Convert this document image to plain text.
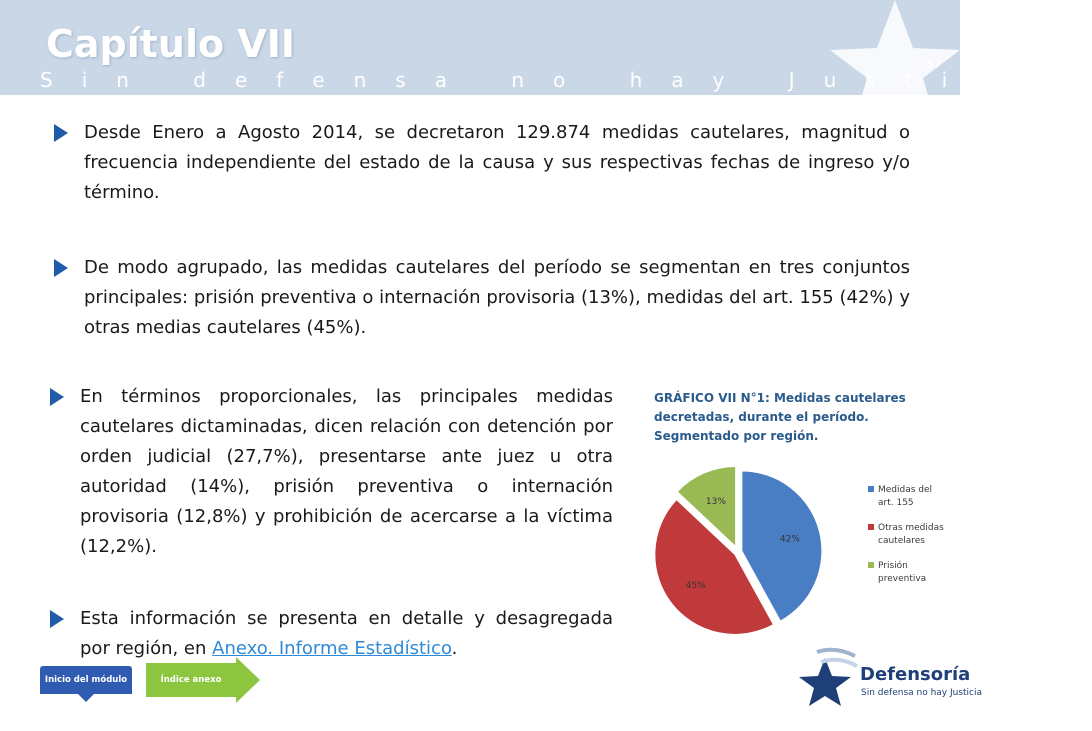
Capítulo VII
Sin defensa no hay Justicia
57

Desde Enero a Agosto 2014, se decretaron 129.874 medidas cautelares, magnitud o frecuencia independiente del estado de la causa y sus respectivas fechas de ingreso y/o término.

De modo agrupado, las medidas cautelares del período se segmentan en tres conjuntos principales: prisión preventiva o internación provisoria (13%), medidas del art. 155 (42%) y otras medias cautelares (45%).

En términos proporcionales, las principales medidas cautelares dictaminadas, dicen relación con detención por orden judicial (27,7%), presentarse ante juez u otra autoridad (14%), prisión preventiva o internación provisoria (12,8%) y prohibición de acercarse a la víctima (12,2%).

Esta información se presenta en detalle y desagregada por región, en Anexo. Informe Estadístico.

GRÁFICO VII N°1: Medidas cautelares decretadas, durante el período. Segmentado por región.
42%
45%
13%
Medidas del
art. 155
Otras medidas
cautelares
Prisión
preventiva
Inicio del módulo	Índice anexo tablas
Defensoría
Sin defensa no hay Justicia
